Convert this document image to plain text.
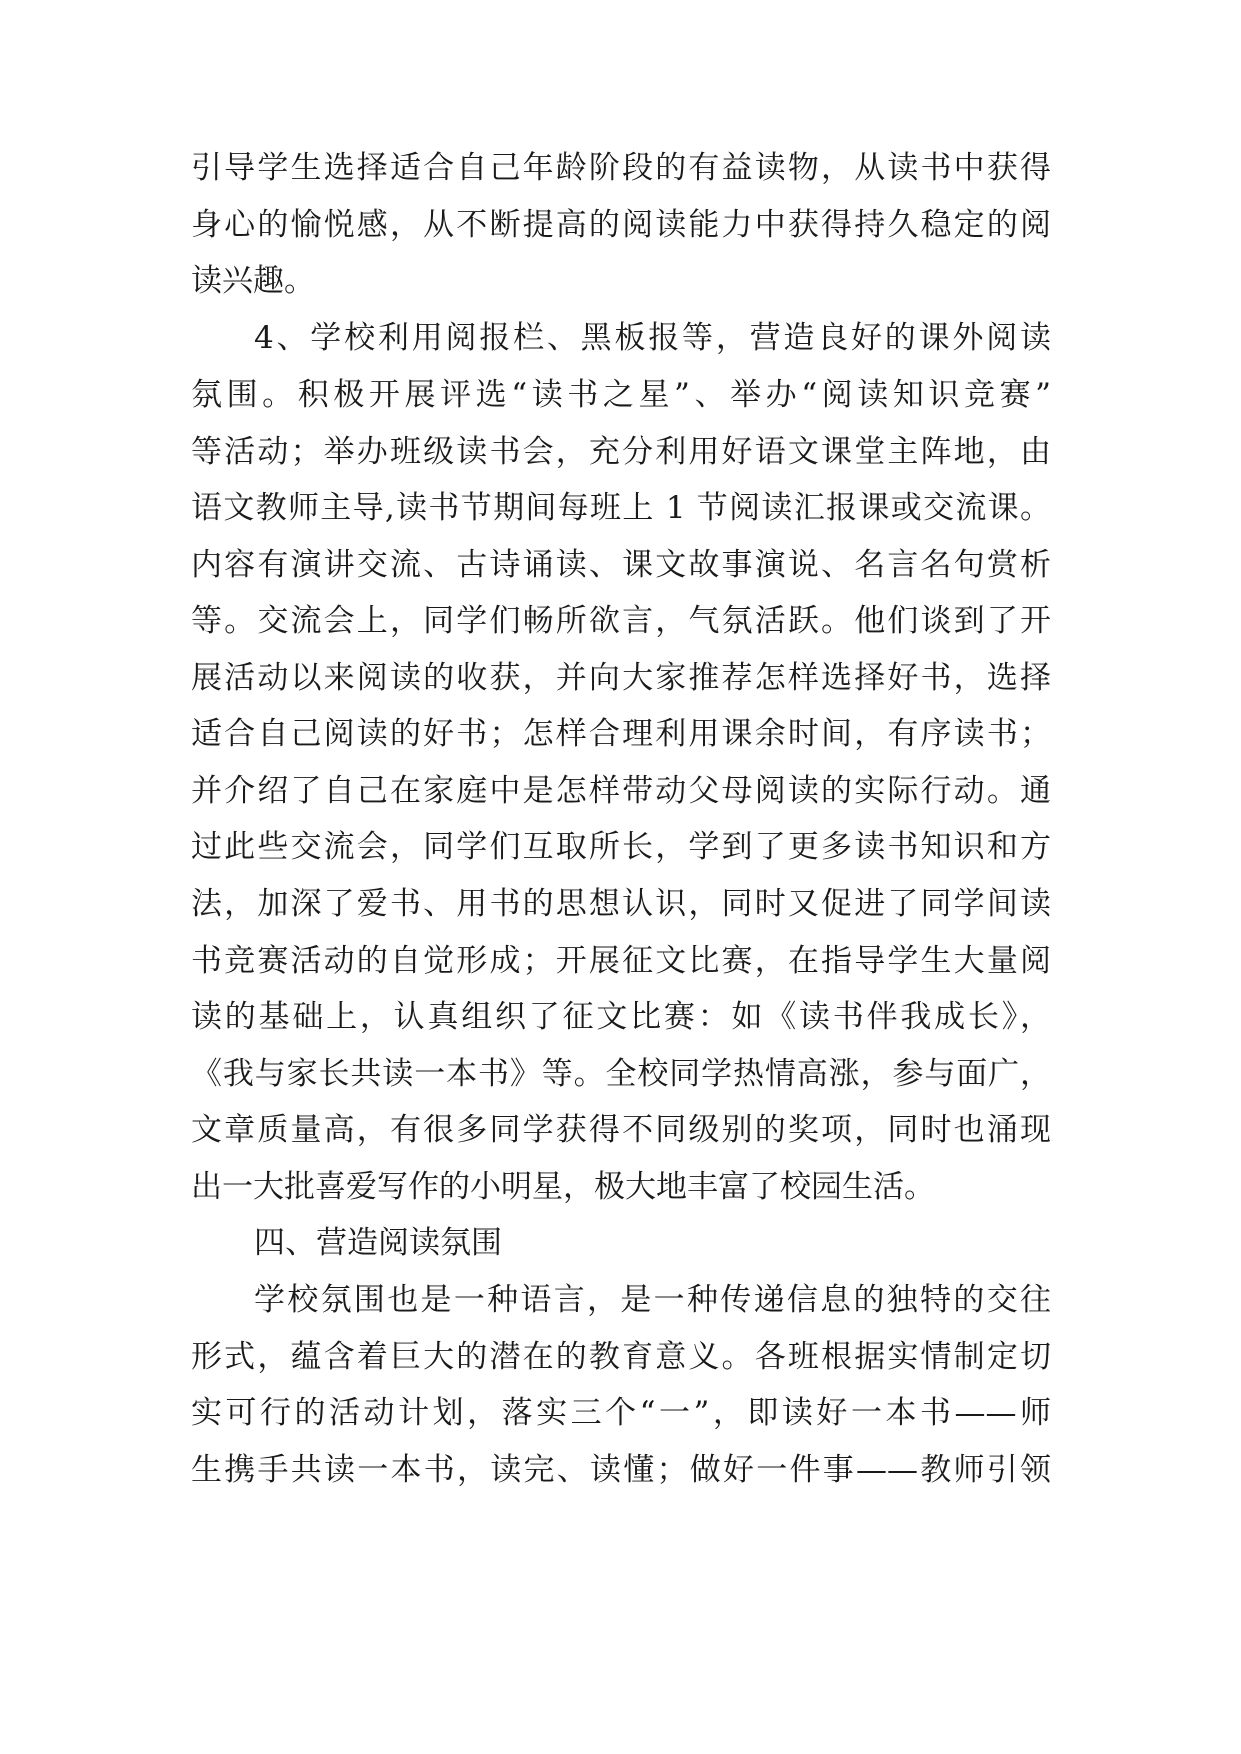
引导学生选择适合自己年龄阶段的有益读物，从读书中获得
身心的愉悦感，从不断提高的阅读能力中获得持久稳定的阅
读兴趣。
4、学校利用阅报栏、黑板报等，营造良好的课外阅读
氛围。积极开展评选“读书之星”、举办“阅读知识竞赛”
等活动；举办班级读书会，充分利用好语文课堂主阵地，由
语文教师主导,读书节期间每班上 1 节阅读汇报课或交流课。
内容有演讲交流、古诗诵读、课文故事演说、名言名句赏析
等。交流会上，同学们畅所欲言，气氛活跃。他们谈到了开
展活动以来阅读的收获，并向大家推荐怎样选择好书，选择
适合自己阅读的好书；怎样合理利用课余时间，有序读书；
并介绍了自己在家庭中是怎样带动父母阅读的实际行动。通
过此些交流会，同学们互取所长，学到了更多读书知识和方
法，加深了爱书、用书的思想认识，同时又促进了同学间读
书竞赛活动的自觉形成；开展征文比赛，在指导学生大量阅
读的基础上，认真组织了征文比赛：如《读书伴我成长》，
《我与家长共读一本书》等。全校同学热情高涨，参与面广，
文章质量高，有很多同学获得不同级别的奖项，同时也涌现
出一大批喜爱写作的小明星，极大地丰富了校园生活。
四、营造阅读氛围
学校氛围也是一种语言，是一种传递信息的独特的交往
形式，蕴含着巨大的潜在的教育意义。各班根据实情制定切
实可行的活动计划，落实三个“一”，即读好一本书——师
生携手共读一本书，读完、读懂；做好一件事——教师引领
